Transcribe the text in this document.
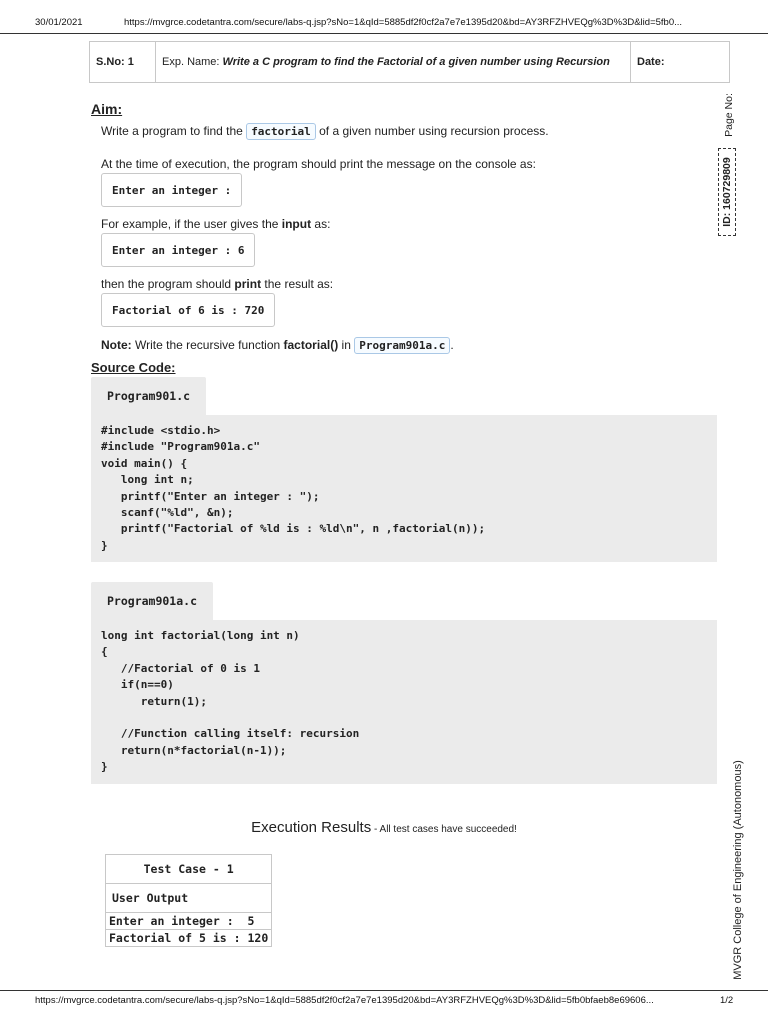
30/01/2021	https://mvgrce.codetantra.com/secure/labs-q.jsp?sNo=1&qId=5885df2f0cf2a7e7e1395d20&bd=AY3RFZHVEQg%3D%3D&lid=5fb0...
S.No: 1	Exp. Name: Write a C program to find the Factorial of a given number using Recursion	Date:
Page No:
ID: 160729809
MVGR College of Engineering (Autonomous)
Aim:
Write a program to find the factorial of a given number using recursion process.
At the time of execution, the program should print the message on the console as:
Enter an integer :
For example, if the user gives the input as:
Enter an integer : 6
then the program should print the result as:
Factorial of 6 is : 720
Note: Write the recursive function factorial() in Program901a.c .
Source Code:
Program901.c
#include <stdio.h>
#include "Program901a.c"
void main() {
long int n;
printf("Enter an integer : ");
scanf("%ld", &n);
printf("Factorial of %ld is : %ld\n", n ,factorial(n));
}
Program901a.c
long int factorial(long int n)
{
//Factorial of 0 is 1
if(n==0)
return(1);
//Function calling itself: recursion
return(n*factorial(n-1));
}
Execution Results - All test cases have succeeded!
Test Case - 1
User Output
Enter an integer :  5
Factorial of 5 is : 120
https://mvgrce.codetantra.com/secure/labs-q.jsp?sNo=1&qId=5885df2f0cf2a7e7e1395d20&bd=AY3RFZHVEQg%3D%3D&lid=5fb0bfaeb8e69606...	1/2
